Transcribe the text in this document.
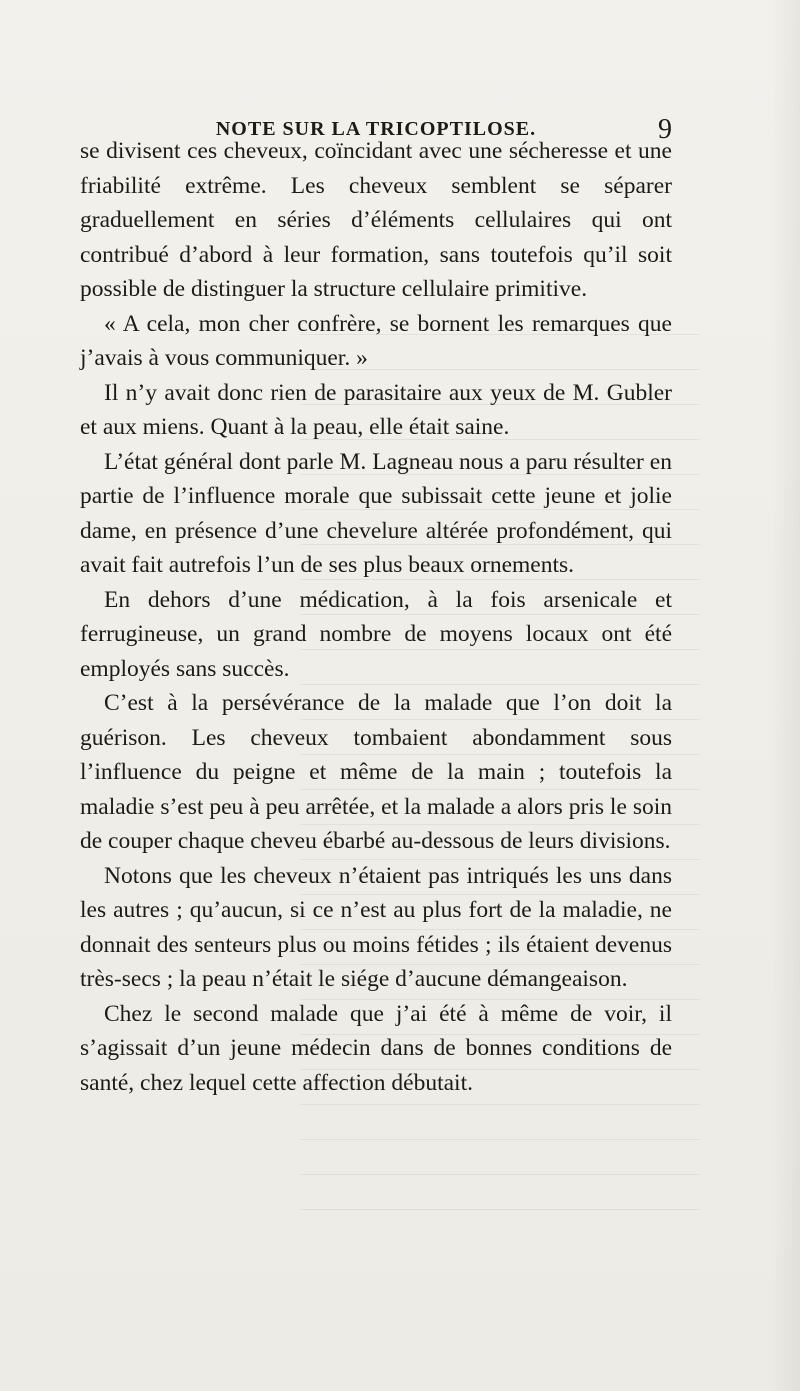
NOTE SUR LA TRICOPTILOSE.	9

se divisent ces cheveux, coïncidant avec une sécheresse et une friabilité extrême. Les cheveux semblent se séparer graduellement en séries d’éléments cellulaires qui ont contribué d’abord à leur formation, sans toutefois qu’il soit possible de distinguer la structure cellulaire primitive.

« A cela, mon cher confrère, se bornent les remarques que j’avais à vous communiquer. »

Il n’y avait donc rien de parasitaire aux yeux de M. Gubler et aux miens. Quant à la peau, elle était saine.

L’état général dont parle M. Lagneau nous a paru résulter en partie de l’influence morale que subissait cette jeune et jolie dame, en présence d’une chevelure altérée profondément, qui avait fait autrefois l’un de ses plus beaux ornements.

En dehors d’une médication, à la fois arsenicale et ferrugineuse, un grand nombre de moyens locaux ont été employés sans succès.

C’est à la persévérance de la malade que l’on doit la guérison. Les cheveux tombaient abondamment sous l’influence du peigne et même de la main ; toutefois la maladie s’est peu à peu arrêtée, et la malade a alors pris le soin de couper chaque cheveu ébarbé au-dessous de leurs divisions.

Notons que les cheveux n’étaient pas intriqués les uns dans les autres ; qu’aucun, si ce n’est au plus fort de la maladie, ne donnait des senteurs plus ou moins fétides ; ils étaient devenus très-secs ; la peau n’était le siége d’aucune démangeaison.

Chez le second malade que j’ai été à même de voir, il s’agissait d’un jeune médecin dans de bonnes conditions de santé, chez lequel cette affection débutait.
